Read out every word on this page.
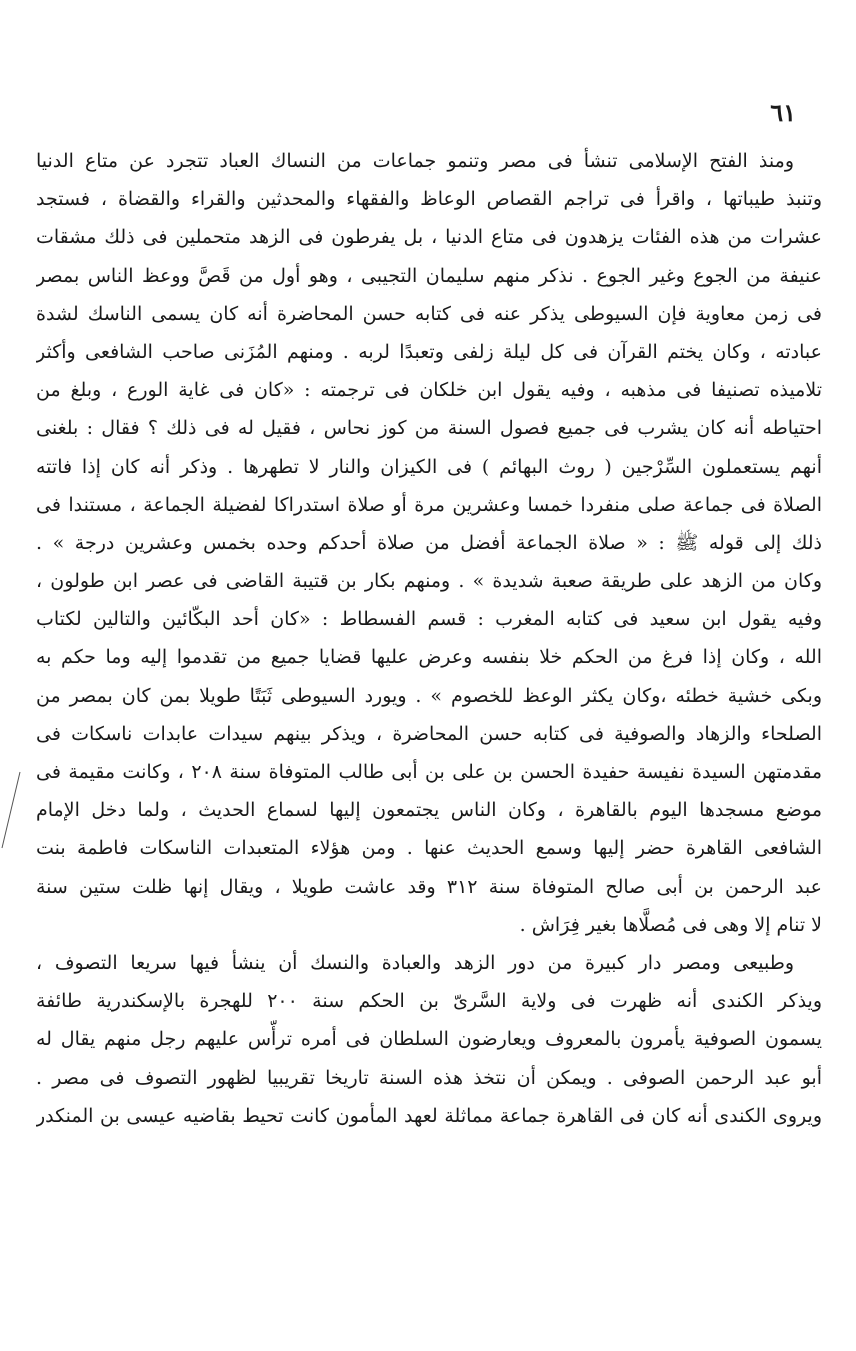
٦١

ومنذ الفتح الإسلامى تنشأ فى مصر وتنمو جماعات من النساك العباد تتجرد عن متاع الدنيا
وتنبذ طيباتها ، واقرأ فى تراجم القصاص الوعاظ والفقهاء والمحدثين والقراء والقضاة ، فستجد
عشرات من هذه الفئات يزهدون فى متاع الدنيا ، بل يفرطون فى الزهد متحملين فى ذلك مشقات
عنيفة من الجوع وغير الجوع . نذكر منهم سليمان التجيبى ، وهو أول من قَصَّ ووعظ الناس بمصر
فى زمن معاوية فإن السيوطى يذكر عنه فى كتابه حسن المحاضرة أنه كان يسمى الناسك لشدة
عبادته ، وكان يختم القرآن فى كل ليلة زلفى وتعبدًا لربه . ومنهم المُزَنى صاحب الشافعى وأكثر
تلاميذه تصنيفا فى مذهبه ، وفيه يقول ابن خلكان فى ترجمته : «كان فى غاية الورع ، وبلغ من
احتياطه أنه كان يشرب فى جميع فصول السنة من كوز نحاس ، فقيل له فى ذلك ؟ فقال : بلغنى
أنهم يستعملون السِّرْجين ( روث البهائم ) فى الكيزان والنار لا تطهرها . وذكر أنه كان إذا فاتته
الصلاة فى جماعة صلى منفردا خمسا وعشرين مرة أو صلاة استدراكا لفضيلة الجماعة ، مستندا فى
ذلك إلى قوله ﷺ : « صلاة الجماعة أفضل من صلاة أحدكم وحده بخمس وعشرين درجة » .
وكان من الزهد على طريقة صعبة شديدة » . ومنهم بكار بن قتيبة القاضى فى عصر ابن طولون ،
وفيه يقول ابن سعيد فى كتابه المغرب : قسم الفسطاط : «كان أحد البكّائين والتالين لكتاب
الله ، وكان إذا فرغ من الحكم خلا بنفسه وعرض عليها قضايا جميع من تقدموا إليه وما حكم به
وبكى خشية خطئه ،وكان يكثر الوعظ للخصوم » . ويورد السيوطى ثَبَتًا طويلا بمن كان بمصر من
الصلحاء والزهاد والصوفية فى كتابه حسن المحاضرة ، ويذكر بينهم سيدات عابدات ناسكات فى
مقدمتهن السيدة نفيسة حفيدة الحسن بن على بن أبى طالب المتوفاة سنة ٢٠٨ ، وكانت مقيمة فى
موضع مسجدها اليوم بالقاهرة ، وكان الناس يجتمعون إليها لسماع الحديث ، ولما دخل الإمام
الشافعى القاهرة حضر إليها وسمع الحديث عنها . ومن هؤلاء المتعبدات الناسكات فاطمة بنت
عبد الرحمن بن أبى صالح المتوفاة سنة ٣١٢ وقد عاشت طويلا ، ويقال إنها ظلت ستين سنة
لا تنام إلا وهى فى مُصلَّاها بغير فِرَاش .
وطبيعى ومصر دار كبيرة من دور الزهد والعبادة والنسك أن ينشأ فيها سريعا التصوف ،
ويذكر الكندى أنه ظهرت فى ولاية السَّرىّ بن الحكم سنة ٢٠٠ للهجرة بالإسكندرية طائفة
يسمون الصوفية يأمرون بالمعروف ويعارضون السلطان فى أمره ترأَّس عليهم رجل منهم يقال له
أبو عبد الرحمن الصوفى . ويمكن أن نتخذ هذه السنة تاريخا تقريبيا لظهور التصوف فى مصر .
ويروى الكندى أنه كان فى القاهرة جماعة مماثلة لعهد المأمون كانت تحيط بقاضيه عيسى بن المنكدر
